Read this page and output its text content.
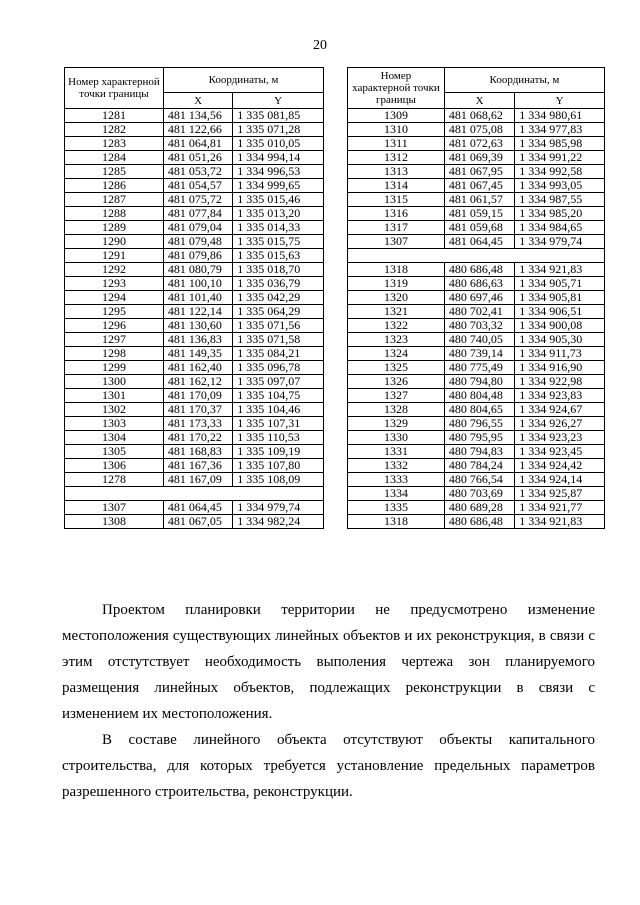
20
Номер характерной точки границы	Координаты, м	
	X	Y
1281	481 134,56	1 335 081,85
1282	481 122,66	1 335 071,28
1283	481 064,81	1 335 010,05
1284	481 051,26	1 334 994,14
1285	481 053,72	1 334 996,53
1286	481 054,57	1 334 999,65
1287	481 075,72	1 335 015,46
1288	481 077,84	1 335 013,20
1289	481 079,04	1 335 014,33
1290	481 079,48	1 335 015,75
1291	481 079,86	1 335 015,63
1292	481 080,79	1 335 018,70
1293	481 100,10	1 335 036,79
1294	481 101,40	1 335 042,29
1295	481 122,14	1 335 064,29
1296	481 130,60	1 335 071,56
1297	481 136,83	1 335 071,58
1298	481 149,35	1 335 084,21
1299	481 162,40	1 335 096,78
1300	481 162,12	1 335 097,07
1301	481 170,09	1 335 104,75
1302	481 170,37	1 335 104,46
1303	481 173,33	1 335 107,31
1304	481 170,22	1 335 110,53
1305	481 168,83	1 335 109,19
1306	481 167,36	1 335 107,80
1278	481 167,09	1 335 108,09

1307	481 064,45	1 334 979,74
1308	481 067,05	1 334 982,24
Номер характерной точки границы	Координаты, м	
	X	Y
1309	481 068,62	1 334 980,61
1310	481 075,08	1 334 977,83
1311	481 072,63	1 334 985,98
1312	481 069,39	1 334 991,22
1313	481 067,95	1 334 992,58
1314	481 067,45	1 334 993,05
1315	481 061,57	1 334 987,55
1316	481 059,15	1 334 985,20
1317	481 059,68	1 334 984,65
1307	481 064,45	1 334 979,74

1318	480 686,48	1 334 921,83
1319	480 686,63	1 334 905,71
1320	480 697,46	1 334 905,81
1321	480 702,41	1 334 906,51
1322	480 703,32	1 334 900,08
1323	480 740,05	1 334 905,30
1324	480 739,14	1 334 911,73
1325	480 775,49	1 334 916,90
1326	480 794,80	1 334 922,98
1327	480 804,48	1 334 923,83
1328	480 804,65	1 334 924,67
1329	480 796,55	1 334 926,27
1330	480 795,95	1 334 923,23
1331	480 794,83	1 334 923,45
1332	480 784,24	1 334 924,42
1333	480 766,54	1 334 924,14
1334	480 703,69	1 334 925,87
1335	480 689,28	1 334 921,77
1318	480 686,48	1 334 921,83

Проектом планировки территории не предусмотрено изменение местоположения существующих линейных объектов и их реконструкция, в связи с этим отстутствует необходимость выполения чертежа зон планируемого размещения линейных объектов, подлежащих реконструкции в связи с изменением их местоположения.

В составе линейного объекта отсутствуют объекты капитального строительства, для которых требуется установление предельных параметров разрешенного строительства, реконструкции.
